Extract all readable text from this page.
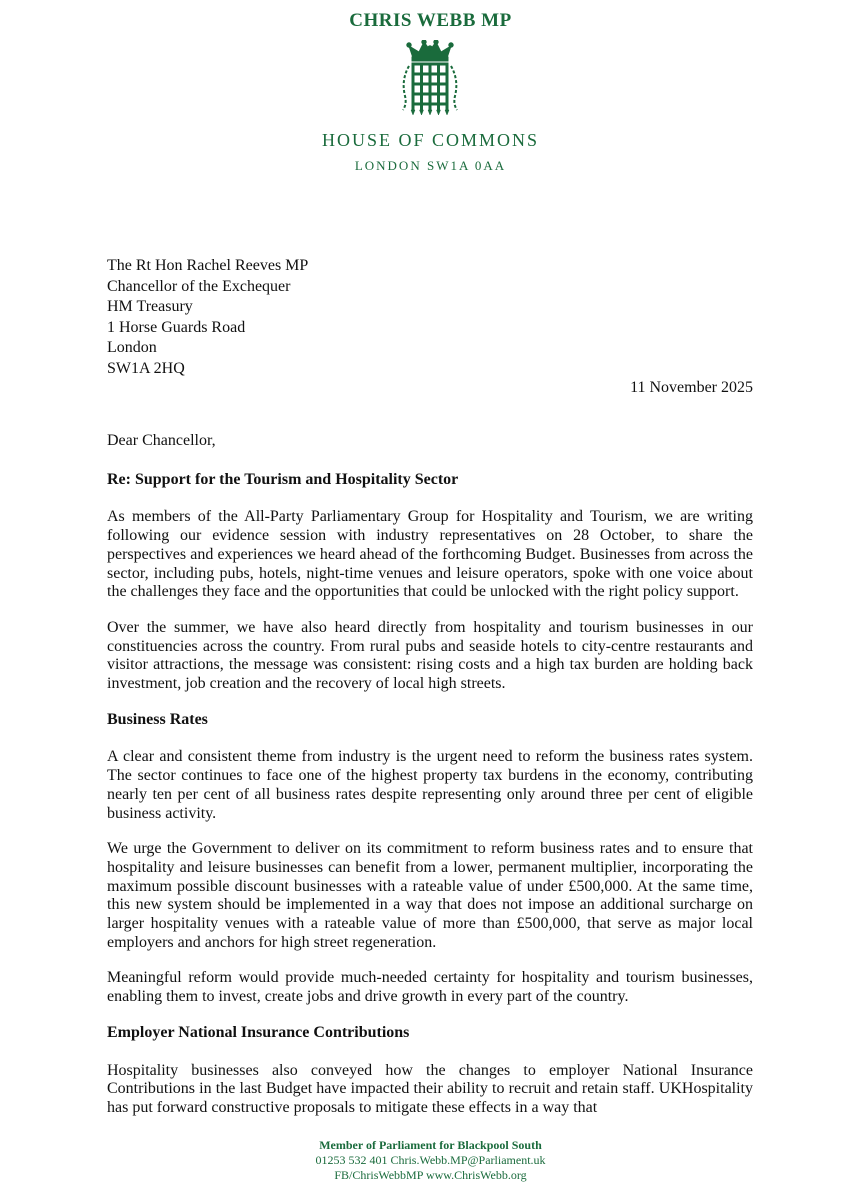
CHRIS WEBB MP
HOUSE OF COMMONS
LONDON SW1A 0AA
The Rt Hon Rachel Reeves MP
Chancellor of the Exchequer
HM Treasury
1 Horse Guards Road
London
SW1A 2HQ
11 November 2025

Dear Chancellor,

Re: Support for the Tourism and Hospitality Sector

As members of the All-Party Parliamentary Group for Hospitality and Tourism, we are writing following our evidence session with industry representatives on 28 October, to share the perspectives and experiences we heard ahead of the forthcoming Budget. Businesses from across the sector, including pubs, hotels, night-time venues and leisure operators, spoke with one voice about the challenges they face and the opportunities that could be unlocked with the right policy support.

Over the summer, we have also heard directly from hospitality and tourism businesses in our constituencies across the country. From rural pubs and seaside hotels to city-centre restaurants and visitor attractions, the message was consistent: rising costs and a high tax burden are holding back investment, job creation and the recovery of local high streets.

Business Rates

A clear and consistent theme from industry is the urgent need to reform the business rates system. The sector continues to face one of the highest property tax burdens in the economy, contributing nearly ten per cent of all business rates despite representing only around three per cent of eligible business activity.

We urge the Government to deliver on its commitment to reform business rates and to ensure that hospitality and leisure businesses can benefit from a lower, permanent multiplier, incorporating the maximum possible discount businesses with a rateable value of under £500,000. At the same time, this new system should be implemented in a way that does not impose an additional surcharge on larger hospitality venues with a rateable value of more than £500,000, that serve as major local employers and anchors for high street regeneration.

Meaningful reform would provide much-needed certainty for hospitality and tourism businesses, enabling them to invest, create jobs and drive growth in every part of the country.

Employer National Insurance Contributions

Hospitality businesses also conveyed how the changes to employer National Insurance Contributions in the last Budget have impacted their ability to recruit and retain staff. UKHospitality has put forward constructive proposals to mitigate these effects in a way that

Member of Parliament for Blackpool South
01253 532 401 Chris.Webb.MP@Parliament.uk
FB/ChrisWebbMP www.ChrisWebb.org
